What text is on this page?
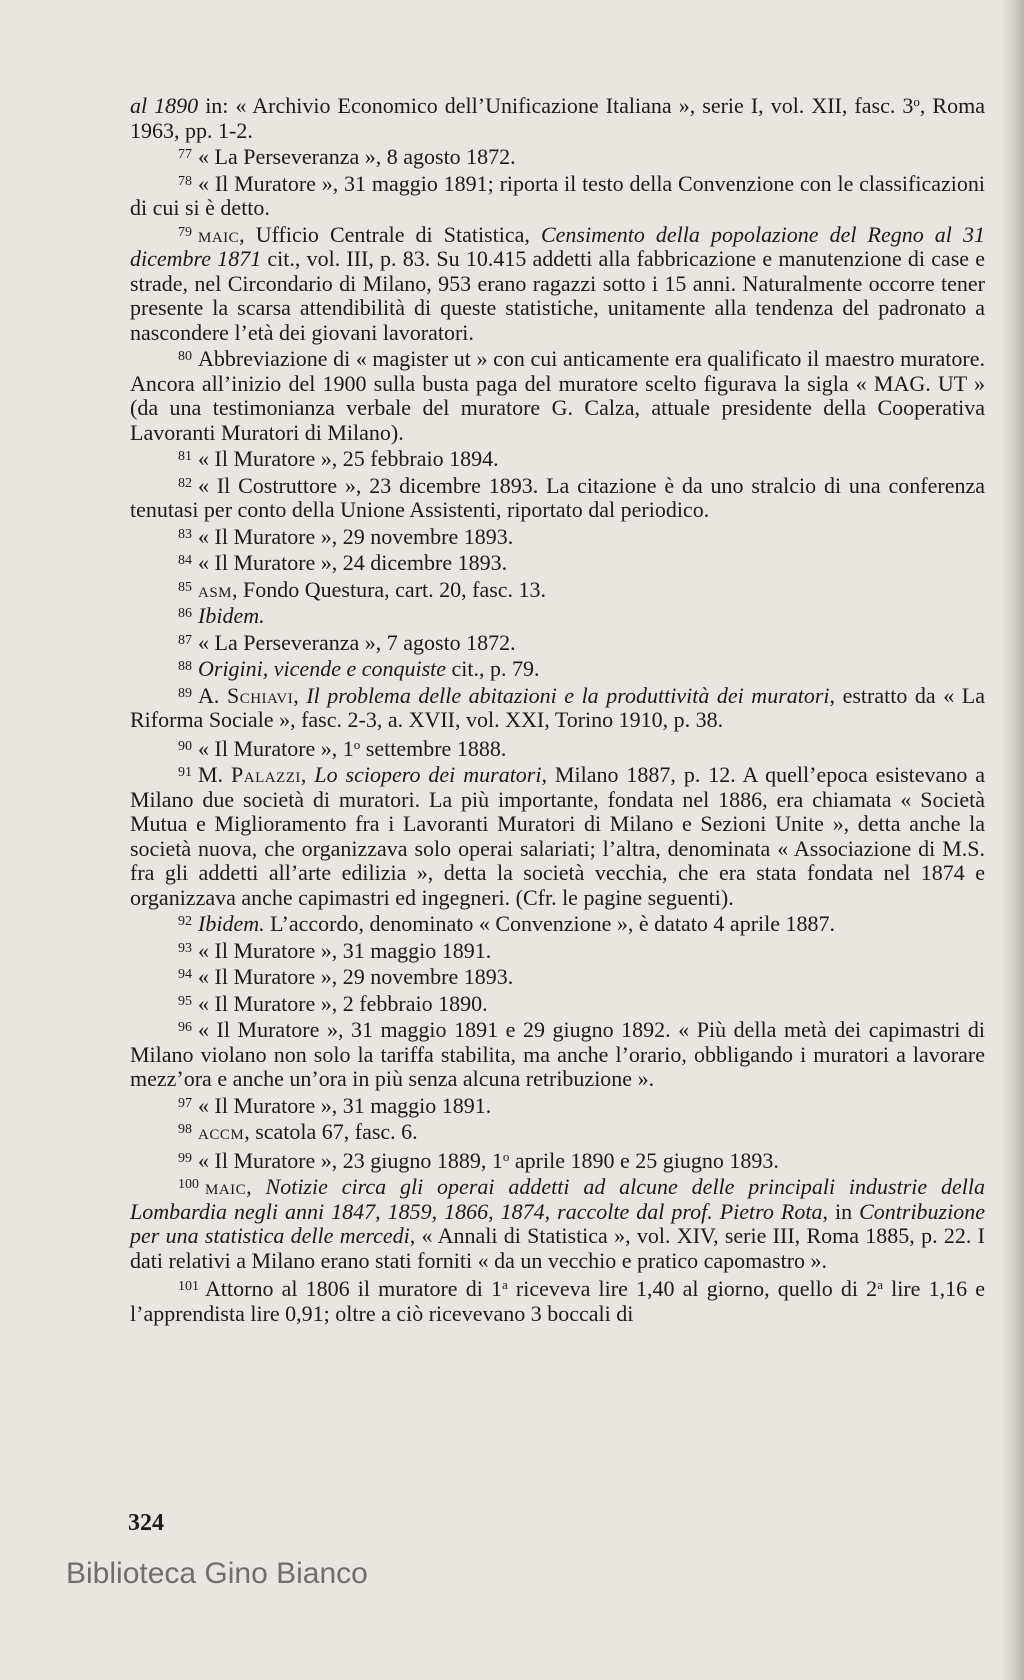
al 1890 in: « Archivio Economico dell’Unificazione Italiana », serie I, vol. XII, fasc. 3$^o$, Roma 1963, pp. 1-2.

$^{77}$ « La Perseveranza », 8 agosto 1872.

$^{78}$ « Il Muratore », 31 maggio 1891; riporta il testo della Convenzione con le classificazioni di cui si è detto.

$^{79}$ maic, Ufficio Centrale di Statistica, Censimento della popolazione del Regno al 31 dicembre 1871 cit., vol. III, p. 83. Su 10.415 addetti alla fabbricazione e manutenzione di case e strade, nel Circondario di Milano, 953 erano ragazzi sotto i 15 anni. Naturalmente occorre tener presente la scarsa attendibilità di queste statistiche, unitamente alla tendenza del padronato a nascondere l’età dei giovani lavoratori.

$^{80}$ Abbreviazione di « magister ut » con cui anticamente era qualificato il maestro muratore. Ancora all’inizio del 1900 sulla busta paga del muratore scelto figurava la sigla « MAG. UT » (da una testimonianza verbale del muratore G. Calza, attuale presidente della Cooperativa Lavoranti Muratori di Milano).

$^{81}$ « Il Muratore », 25 febbraio 1894.

$^{82}$ « Il Costruttore », 23 dicembre 1893. La citazione è da uno stralcio di una conferenza tenutasi per conto della Unione Assistenti, riportato dal periodico.

$^{83}$ « Il Muratore », 29 novembre 1893.

$^{84}$ « Il Muratore », 24 dicembre 1893.

$^{85}$ asm, Fondo Questura, cart. 20, fasc. 13.

$^{86}$ Ibidem.

$^{87}$ « La Perseveranza », 7 agosto 1872.

$^{88}$ Origini, vicende e conquiste cit., p. 79.

$^{89}$ A. Schiavi, Il problema delle abitazioni e la produttività dei muratori, estratto da « La Riforma Sociale », fasc. 2-3, a. XVII, vol. XXI, Torino 1910, p. 38.

$^{90}$ « Il Muratore », 1$^o$ settembre 1888.

$^{91}$ M. Palazzi, Lo sciopero dei muratori, Milano 1887, p. 12. A quell’epoca esistevano a Milano due società di muratori. La più importante, fondata nel 1886, era chiamata « Società Mutua e Miglioramento fra i Lavoranti Muratori di Milano e Sezioni Unite », detta anche la società nuova, che organizzava solo operai salariati; l’altra, denominata « Associazione di M.S. fra gli addetti all’arte edilizia », detta la società vecchia, che era stata fondata nel 1874 e organizzava anche capimastri ed ingegneri. (Cfr. le pagine seguenti).

$^{92}$ Ibidem. L’accordo, denominato « Convenzione », è datato 4 aprile 1887.

$^{93}$ « Il Muratore », 31 maggio 1891.

$^{94}$ « Il Muratore », 29 novembre 1893.

$^{95}$ « Il Muratore », 2 febbraio 1890.

$^{96}$ « Il Muratore », 31 maggio 1891 e 29 giugno 1892. « Più della metà dei capimastri di Milano violano non solo la tariffa stabilita, ma anche l’orario, obbligando i muratori a lavorare mezz’ora e anche un’ora in più senza alcuna retribuzione ».

$^{97}$ « Il Muratore », 31 maggio 1891.

$^{98}$ accm, scatola 67, fasc. 6.

$^{99}$ « Il Muratore », 23 giugno 1889, 1$^o$ aprile 1890 e 25 giugno 1893.

$^{100}$ maic, Notizie circa gli operai addetti ad alcune delle principali industrie della Lombardia negli anni 1847, 1859, 1866, 1874, raccolte dal prof. Pietro Rota, in Contribuzione per una statistica delle mercedi, « Annali di Statistica », vol. XIV, serie III, Roma 1885, p. 22. I dati relativi a Milano erano stati forniti « da un vecchio e pratico capomastro ».

$^{101}$ Attorno al 1806 il muratore di 1$^a$ riceveva lire 1,40 al giorno, quello di 2$^a$ lire 1,16 e l’apprendista lire 0,91; oltre a ciò ricevevano 3 boccali di

324
Biblioteca Gino Bianco
